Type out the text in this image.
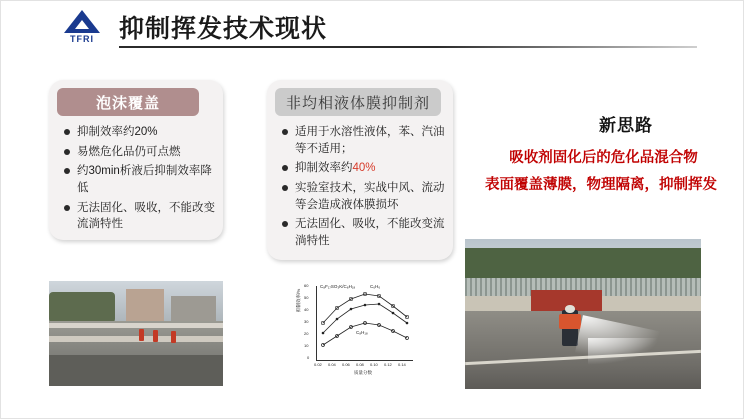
TFRI	抑制挥发技术现状
泡沫覆盖
抑制效率约20%
易燃危化品仍可点燃
约30min析液后抑制效率降低
无法固化、吸收，不能改变流淌特性
非均相液体膜抑制剂
适用于水溶性液体，苯、汽油等不适用；
抑制效率约40%
实验室技术，实战中风、流动等会造成液体膜损坏
无法固化、吸收，不能改变流淌特性
新思路
吸收剂固化后的危化品混合物
表面覆盖薄膜，物理隔离，抑制挥发
抑制效率/%
60
50
40
30
20
10
0
0.02 0.04 0.06 0.08 0.10 0.12 0.14
C₈F₁₇SO₃K/C₈H₁₈	C₆H₆
C₈H₁₈
质量分数
